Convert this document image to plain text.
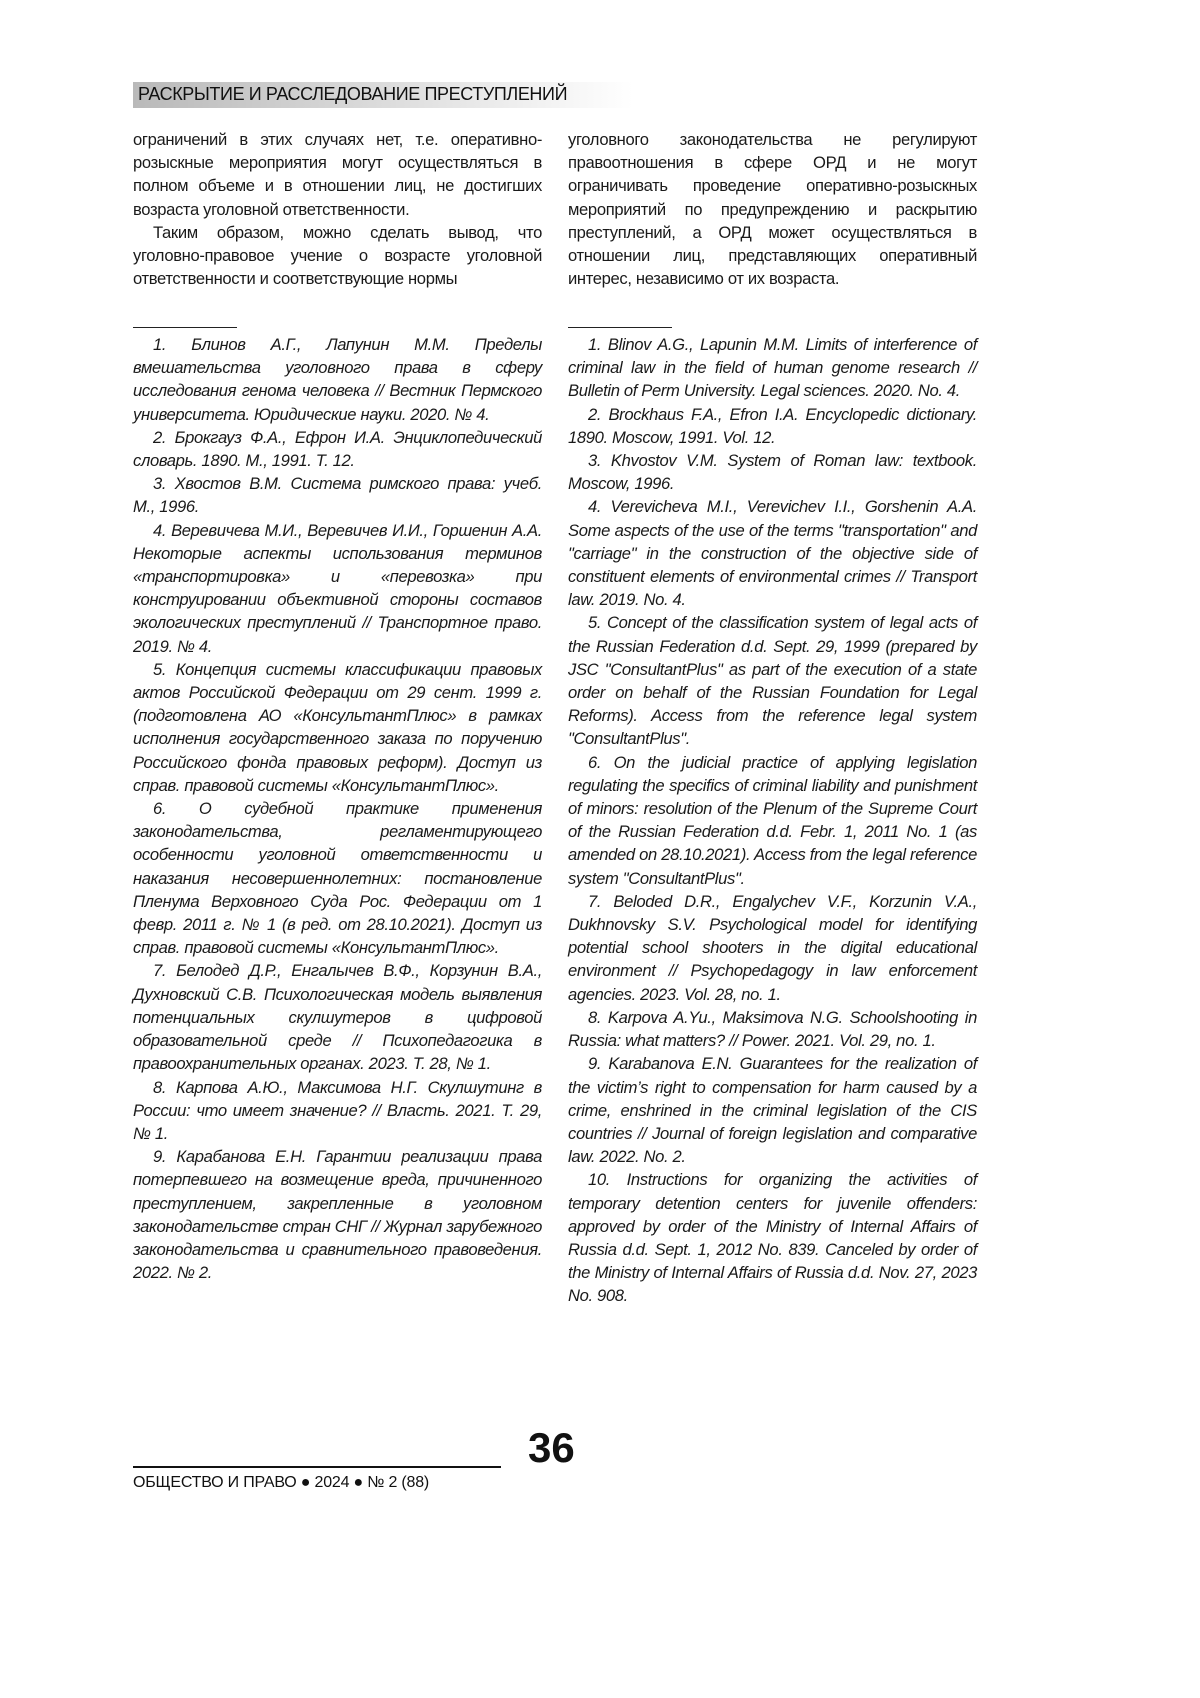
РАСКРЫТИЕ И РАССЛЕДОВАНИЕ ПРЕСТУПЛЕНИЙ

ограничений в этих случаях нет, т.е. оперативно-розыскные мероприятия могут осуществляться в полном объеме и в отношении лиц, не достигших возраста уголовной ответственности.

Таким образом, можно сделать вывод, что уголовно-правовое учение о возрасте уголовной ответственности и соответствующие нормы

уголовного законодательства не регулируют правоотношения в сфере ОРД и не могут ограничивать проведение оперативно-розыскных мероприятий по предупреждению и раскрытию преступлений, а ОРД может осуществляться в отношении лиц, представляющих оперативный интерес, независимо от их возраста.

1. Блинов А.Г., Лапунин М.М. Пределы вмешательства уголовного права в сферу исследования генома человека // Вестник Пермского университета. Юридические науки. 2020. № 4.

2. Брокгауз Ф.А., Ефрон И.А. Энциклопедический словарь. 1890. М., 1991. Т. 12.

3. Хвостов В.М. Система римского права: учеб. М., 1996.

4. Веревичева М.И., Веревичев И.И., Горшенин А.А. Некоторые аспекты использования терминов «транспортировка» и «перевозка» при конструировании объективной стороны составов экологических преступлений // Транспортное право. 2019. № 4.

5. Концепция системы классификации правовых актов Российской Федерации от 29 сент. 1999 г. (подготовлена АО «КонсультантПлюс» в рамках исполнения государственного заказа по поручению Российского фонда правовых реформ). Доступ из справ. правовой системы «КонсультантПлюс».

6. О судебной практике применения законодательства, регламентирующего особенности уголовной ответственности и наказания несовершеннолетних: постановление Пленума Верховного Суда Рос. Федерации от 1 февр. 2011 г. № 1 (в ред. от 28.10.2021). Доступ из справ. правовой системы «КонсультантПлюс».

7. Белодед Д.Р., Енгалычев В.Ф., Корзунин В.А., Духновский С.В. Психологическая модель выявления потенциальных скулшутеров в цифровой образовательной среде // Психопедагогика в правоохранительных органах. 2023. Т. 28, № 1.

8. Карпова А.Ю., Максимова Н.Г. Скулшутинг в России: что имеет значение? // Власть. 2021. Т. 29, № 1.

9. Карабанова Е.Н. Гарантии реализации права потерпевшего на возмещение вреда, причиненного преступлением, закрепленные в уголовном законодательстве стран СНГ // Журнал зарубежного законодательства и сравнительного правоведения. 2022. № 2.

1. Blinov A.G., Lapunin M.M. Limits of interference of criminal law in the field of human genome research // Bulletin of Perm University. Legal sciences. 2020. No. 4.

2. Brockhaus F.A., Efron I.A. Encyclopedic dictionary. 1890. Moscow, 1991. Vol. 12.

3. Khvostov V.M. System of Roman law: textbook. Moscow, 1996.

4. Verevicheva M.I., Verevichev I.I., Gorshenin A.A. Some aspects of the use of the terms "transportation" and "carriage" in the construction of the objective side of constituent elements of environmental crimes // Transport law. 2019. No. 4.

5. Concept of the classification system of legal acts of the Russian Federation d.d. Sept. 29, 1999 (prepared by JSC "ConsultantPlus" as part of the execution of a state order on behalf of the Russian Foundation for Legal Reforms). Access from the reference legal system "ConsultantPlus".

6. On the judicial practice of applying legislation regulating the specifics of criminal liability and punishment of minors: resolution of the Plenum of the Supreme Court of the Russian Federation d.d. Febr. 1, 2011 No. 1 (as amended on 28.10.2021). Access from the legal reference system "ConsultantPlus".

7. Beloded D.R., Engalychev V.F., Korzunin V.A., Dukhnovsky S.V. Psychological model for identifying potential school shooters in the digital educational environment // Psychopedagogy in law enforcement agencies. 2023. Vol. 28, no. 1.

8. Karpova A.Yu., Maksimova N.G. Schoolshooting in Russia: what matters? // Power. 2021. Vol. 29, no. 1.

9. Karabanova E.N. Guarantees for the realization of the victim’s right to compensation for harm caused by a crime, enshrined in the criminal legislation of the CIS countries // Journal of foreign legislation and comparative law. 2022. No. 2.

10. Instructions for organizing the activities of temporary detention centers for juvenile offenders: approved by order of the Ministry of Internal Affairs of Russia d.d. Sept. 1, 2012 No. 839. Canceled by order of the Ministry of Internal Affairs of Russia d.d. Nov. 27, 2023 No. 908.

36
ОБЩЕСТВО И ПРАВО ● 2024 ● № 2 (88)
